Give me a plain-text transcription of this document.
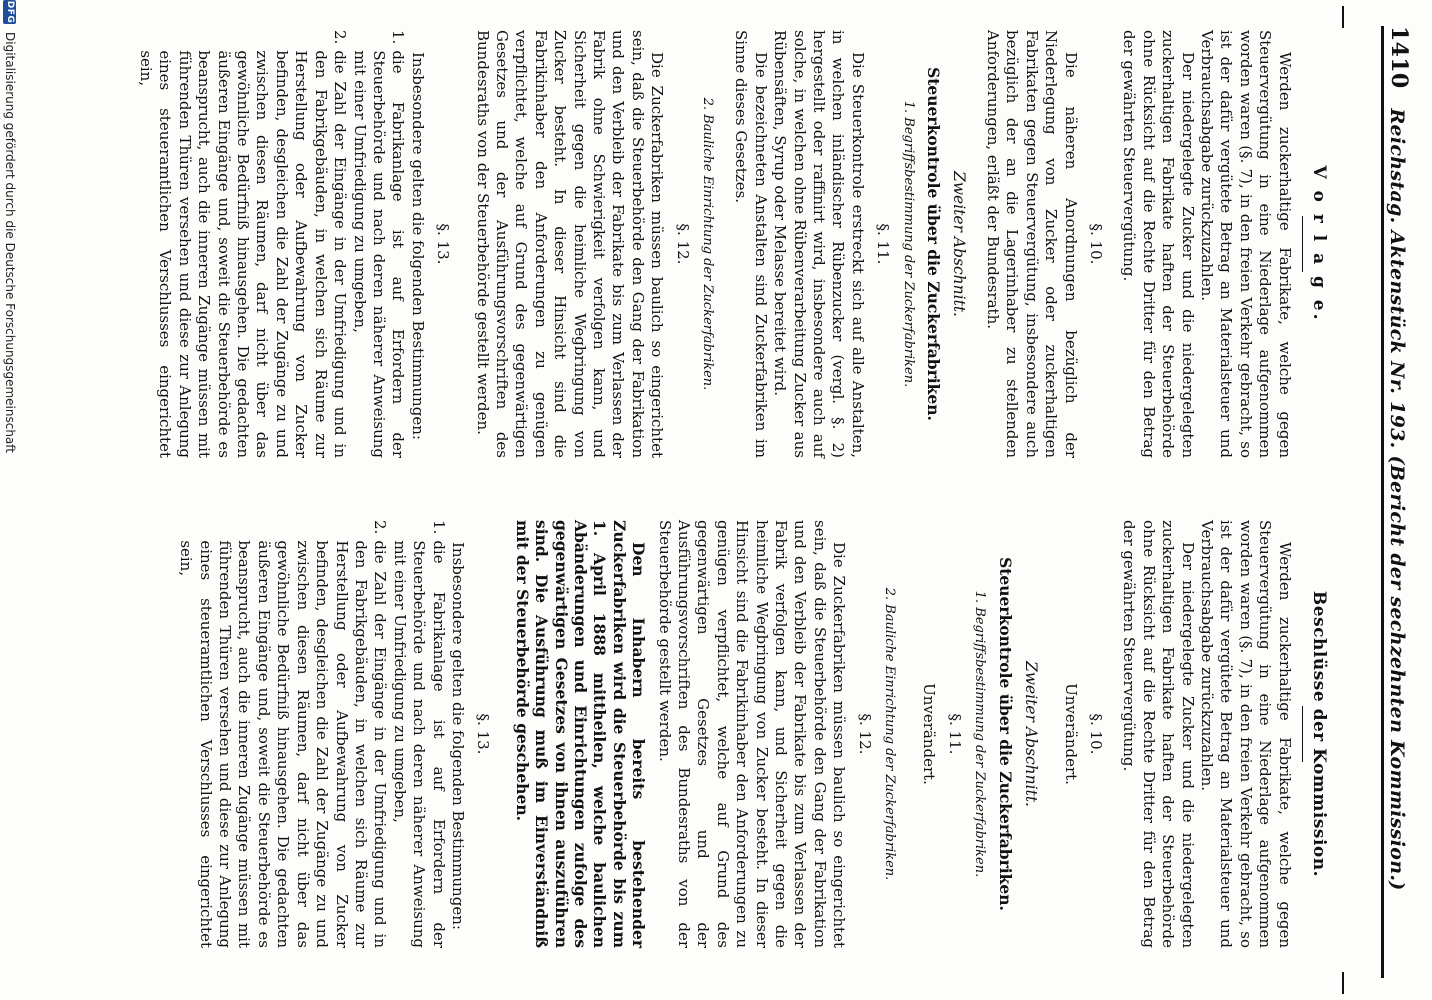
1410
Reichstag. Aktenstück Nr. 193. (Bericht der sechzehnten Kommission.)
V o r l a g e.

Werden zuckerhaltige Fabrikate, welche gegen Steuervergütung in eine Niederlage aufgenommen worden waren (§. 7), in den freien Verkehr gebracht, so ist der dafür vergütete Betrag an Materialsteuer und Verbrauchsabgabe zurückzuzahlen.

Der niedergelegte Zucker und die niedergelegten zuckerhaltigen Fabrikate haften der Steuerbehörde ohne Rücksicht auf die Rechte Dritter für den Betrag der gewährten Steuervergütung.

§. 10.

Die näheren Anordnungen bezüglich der Niederlegung von Zucker oder zuckerhaltigen Fabrikaten gegen Steuervergütung, insbesondere auch bezüglich der an die Lagerinhaber zu stellenden Anforderungen, erläßt der Bundesrath.

Zweiter Abschnitt.
Steuerkontrole über die Zuckerfabriken.
1. Begriffsbestimmung der Zuckerfabriken.
§. 11.

Die Steuerkontrole erstreckt sich auf alle Anstalten, in welchen inländischer Rübenzucker (vergl. §. 2) hergestellt oder raffinirt wird, insbesondere auch auf solche, in welchen ohne Rübenverarbeitung Zucker aus Rübensäften, Syrup oder Melasse bereitet wird.

Die bezeichneten Anstalten sind Zuckerfabriken im Sinne dieses Gesetzes.

2. Bauliche Einrichtung der Zuckerfabriken.
§. 12.

Die Zuckerfabriken müssen baulich so eingerichtet sein, daß die Steuerbehörde den Gang der Fabrikation und den Verbleib der Fabrikate bis zum Verlassen der Fabrik ohne Schwierigkeit verfolgen kann, und Sicherheit gegen die heimliche Wegbringung von Zucker besteht. In dieser Hinsicht sind die Fabrikinhaber den Anforderungen zu genügen verpflichtet, welche auf Grund des gegenwärtigen Gesetzes und der Ausführungsvorschriften des Bundesraths von der Steuerbehörde gestellt werden.

§. 13.

Insbesondere gelten die folgenden Bestimmungen:

1.
die Fabrikanlage ist auf Erfordern der Steuerbehörde und nach deren näherer Anweisung mit einer Umfriedigung zu umgeben,
2.
die Zahl der Eingänge in der Umfriedigung und in den Fabrikgebäuden, in welchen sich Räume zur Herstellung oder Aufbewahrung von Zucker befinden, desgleichen die Zahl der Zugänge zu und zwischen diesen Räumen, darf nicht über das gewöhnliche Bedürfniß hinausgehen. Die gedachten äußeren Eingänge und, soweit die Steuerbehörde es beansprucht, auch die inneren Zugänge müssen mit führenden Thüren versehen und diese zur Anlegung eines steueramtlichen Verschlusses eingerichtet sein,
Beschlüsse der Kommission.

Werden zuckerhaltige Fabrikate, welche gegen Steuervergütung in eine Niederlage aufgenommen worden waren (§. 7), in den freien Verkehr gebracht, so ist der dafür vergütete Betrag an Materialsteuer und Verbrauchsabgabe zurückzuzahlen.

Der niedergelegte Zucker und die niedergelegten zuckerhaltigen Fabrikate haften der Steuerbehörde ohne Rücksicht auf die Rechte Dritter für den Betrag der gewährten Steuervergütung.

§. 10.
Unverändert.
Zweiter Abschnitt.
Steuerkontrole über die Zuckerfabriken.
1. Begriffsbestimmung der Zuckerfabriken.
§. 11.
Unverändert.
2. Bauliche Einrichtung der Zuckerfabriken.
§. 12.

Die Zuckerfabriken müssen baulich so eingerichtet sein, daß die Steuerbehörde den Gang der Fabrikation und den Verbleib der Fabrikate bis zum Verlassen der Fabrik verfolgen kann, und Sicherheit gegen die heimliche Wegbringung von Zucker besteht. In dieser Hinsicht sind die Fabrikinhaber den Anforderungen zu genügen verpflichtet, welche auf Grund des gegenwärtigen Gesetzes und der Ausführungsvorschriften des Bundesraths von der Steuerbehörde gestellt werden.

Den Inhabern bereits bestehender Zuckerfabriken wird die Steuerbehörde bis zum 1. April 1888 mittheilen, welche baulichen Abänderungen und Einrichtungen zufolge des gegenwärtigen Gesetzes von ihnen auszuführen sind. Die Ausführung muß im Einverständniß mit der Steuerbehörde geschehen.

§. 13.

Insbesondere gelten die folgenden Bestimmungen:

1.
die Fabrikanlage ist auf Erfordern der Steuerbehörde und nach deren näherer Anweisung mit einer Umfriedigung zu umgeben,
2.
die Zahl der Eingänge in der Umfriedigung und in den Fabrikgebäuden, in welchen sich Räume zur Herstellung oder Aufbewahrung von Zucker befinden, desgleichen die Zahl der Zugänge zu und zwischen diesen Räumen, darf nicht über das gewöhnliche Bedürfniß hinausgehen. Die gedachten äußeren Eingänge und, soweit die Steuerbehörde es beansprucht, auch die inneren Zugänge müssen mit führenden Thüren versehen und diese zur Anlegung eines steueramtlichen Verschlusses eingerichtet sein,
DFG
Digitalisierung gefördert durch die Deutsche Forschungsgemeinschaft
